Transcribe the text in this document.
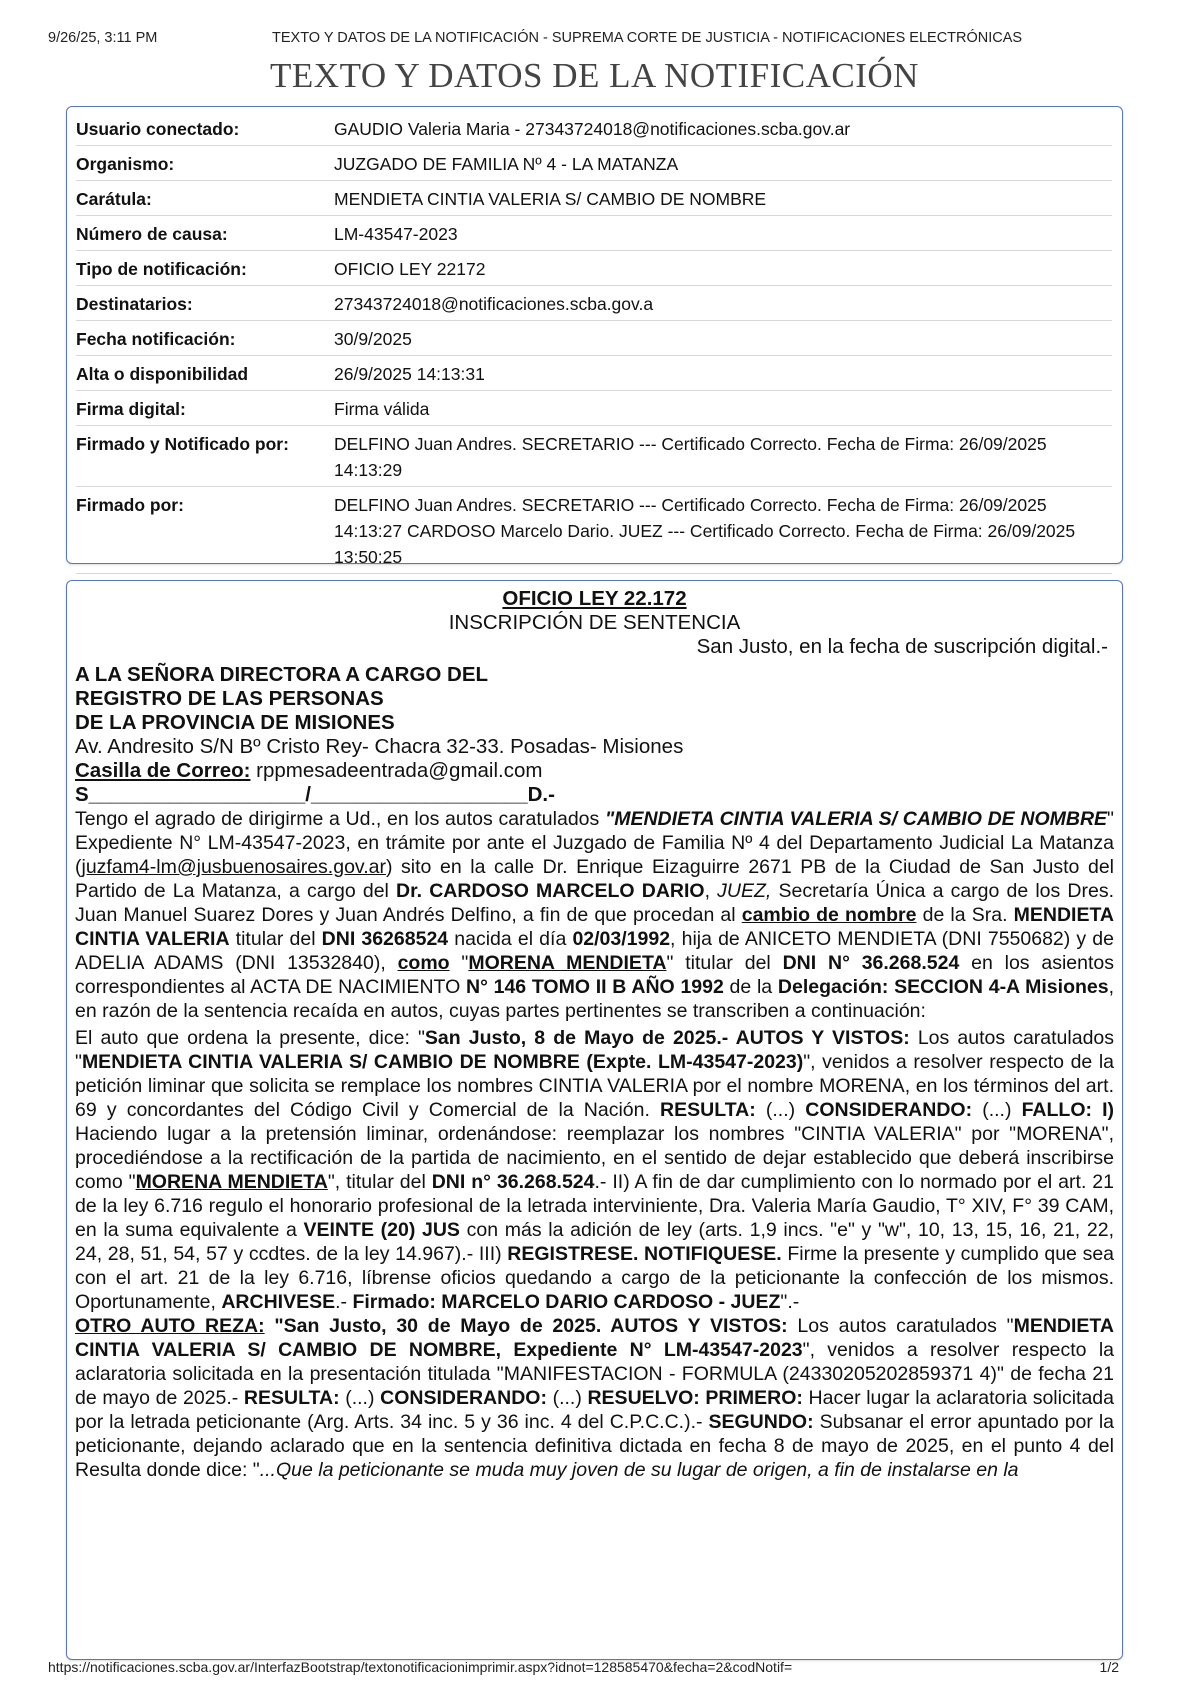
9/26/25, 3:11 PM	TEXTO Y DATOS DE LA NOTIFICACIÓN - SUPREMA CORTE DE JUSTICIA - NOTIFICACIONES ELECTRÓNICAS
TEXTO Y DATOS DE LA NOTIFICACIÓN
Usuario conectado:	GAUDIO Valeria Maria - 27343724018@notificaciones.scba.gov.ar
Organismo:	JUZGADO DE FAMILIA Nº 4 - LA MATANZA
Carátula:	MENDIETA CINTIA VALERIA S/ CAMBIO DE NOMBRE
Número de causa:	LM-43547-2023
Tipo de notificación:	OFICIO LEY 22172
Destinatarios:	27343724018@notificaciones.scba.gov.a
Fecha notificación:	30/9/2025
Alta o disponibilidad	26/9/2025 14:13:31
Firma digital:	Firma válida
Firmado y Notificado por:	DELFINO Juan Andres. SECRETARIO --- Certificado Correcto. Fecha de Firma: 26/09/2025 14:13:29
Firmado por:	DELFINO Juan Andres. SECRETARIO --- Certificado Correcto. Fecha de Firma: 26/09/2025 14:13:27 CARDOSO Marcelo Dario. JUEZ --- Certificado Correcto. Fecha de Firma: 26/09/2025 13:50:25

OFICIO LEY 22.172

INSCRIPCIÓN DE SENTENCIA

San Justo, en la fecha de suscripción digital.-

A LA SEÑORA DIRECTORA A CARGO DEL

REGISTRO DE LAS PERSONAS

DE LA PROVINCIA DE MISIONES

Av. Andresito S/N Bº Cristo Rey- Chacra 32-33. Posadas- Misiones

Casilla de Correo: rppmesadeentrada@gmail.com

S___________________/___________________D.-

Tengo el agrado de dirigirme a Ud., en los autos caratulados "MENDIETA CINTIA VALERIA S/ CAMBIO DE NOMBRE" Expediente N° LM-43547-2023, en trámite por ante el Juzgado de Familia Nº 4 del Departamento Judicial La Matanza (juzfam4-lm@jusbuenosaires.gov.ar) sito en la calle Dr. Enrique Eizaguirre 2671 PB de la Ciudad de San Justo del Partido de La Matanza, a cargo del Dr. CARDOSO MARCELO DARIO, JUEZ, Secretaría Única a cargo de los Dres. Juan Manuel Suarez Dores y Juan Andrés Delfino, a fin de que procedan al cambio de nombre de la Sra. MENDIETA CINTIA VALERIA titular del DNI 36268524 nacida el día 02/03/1992, hija de ANICETO MENDIETA (DNI 7550682) y de ADELIA ADAMS (DNI 13532840), como "MORENA MENDIETA" titular del DNI N° 36.268.524 en los asientos correspondientes al ACTA DE NACIMIENTO N° 146 TOMO II B AÑO 1992 de la Delegación: SECCION 4-A Misiones, en razón de la sentencia recaída en autos, cuyas partes pertinentes se transcriben a continuación:

El auto que ordena la presente, dice: "San Justo, 8 de Mayo de 2025.- AUTOS Y VISTOS: Los autos caratulados "MENDIETA CINTIA VALERIA S/ CAMBIO DE NOMBRE (Expte. LM-43547-2023)", venidos a resolver respecto de la petición liminar que solicita se remplace los nombres CINTIA VALERIA por el nombre MORENA, en los términos del art. 69 y concordantes del Código Civil y Comercial de la Nación. RESULTA: (...) CONSIDERANDO: (...) FALLO: I) Haciendo lugar a la pretensión liminar, ordenándose: reemplazar los nombres "CINTIA VALERIA" por "MORENA", procediéndose a la rectificación de la partida de nacimiento, en el sentido de dejar establecido que deberá inscribirse como "MORENA MENDIETA", titular del DNI n° 36.268.524.- II) A fin de dar cumplimiento con lo normado por el art. 21 de la ley 6.716 regulo el honorario profesional de la letrada interviniente, Dra. Valeria María Gaudio, T° XIV, F° 39 CAM, en la suma equivalente a VEINTE (20) JUS con más la adición de ley (arts. 1,9 incs. "e" y "w", 10, 13, 15, 16, 21, 22, 24, 28, 51, 54, 57 y ccdtes. de la ley 14.967).- III) REGISTRESE. NOTIFIQUESE. Firme la presente y cumplido que sea con el art. 21 de la ley 6.716, líbrense oficios quedando a cargo de la peticionante la confección de los mismos. Oportunamente, ARCHIVESE.- Firmado: MARCELO DARIO CARDOSO - JUEZ".-

OTRO AUTO REZA: "San Justo, 30 de Mayo de 2025. AUTOS Y VISTOS: Los autos caratulados "MENDIETA CINTIA VALERIA S/ CAMBIO DE NOMBRE, Expediente N° LM-43547-2023", venidos a resolver respecto la aclaratoria solicitada en la presentación titulada "MANIFESTACION - FORMULA (24330205202859371 4)" de fecha 21 de mayo de 2025.- RESULTA: (...) CONSIDERANDO: (...) RESUELVO: PRIMERO: Hacer lugar la aclaratoria solicitada por la letrada peticionante (Arg. Arts. 34 inc. 5 y 36 inc. 4 del C.P.C.C.).- SEGUNDO: Subsanar el error apuntado por la peticionante, dejando aclarado que en la sentencia definitiva dictada en fecha 8 de mayo de 2025, en el punto 4 del Resulta donde dice: "...Que la peticionante se muda muy joven de su lugar de origen, a fin de instalarse en la

https://notificaciones.scba.gov.ar/InterfazBootstrap/textonotificacionimprimir.aspx?idnot=128585470&fecha=2&codNotif=	1/2
